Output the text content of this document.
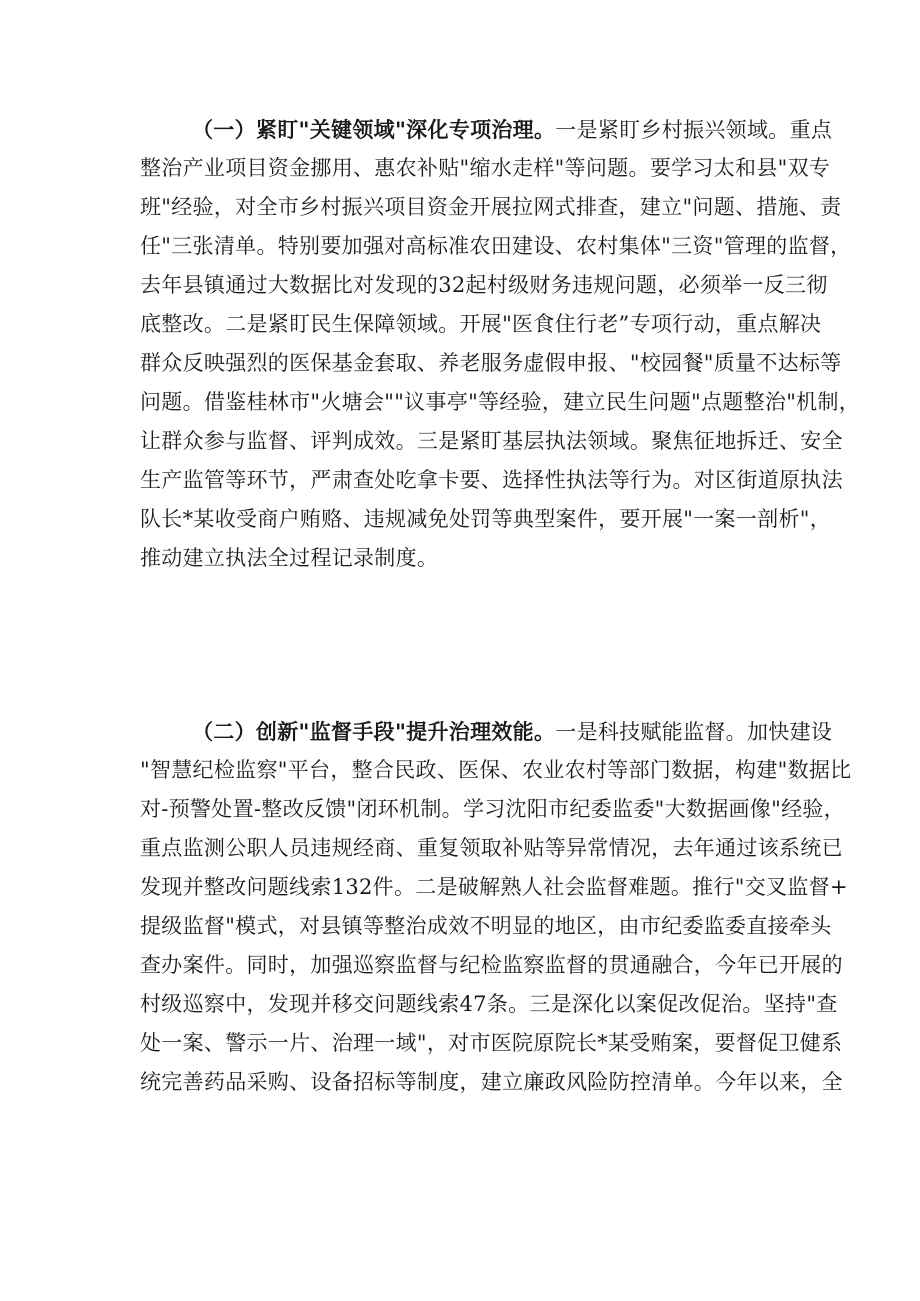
（一）紧盯"关键领域"深化专项治理。一是紧盯乡村振兴领域。重点
整治产业项目资金挪用、惠农补贴"缩水走样"等问题。要学习太和县"双专
班"经验，对全市乡村振兴项目资金开展拉网式排查，建立"问题、措施、责
任"三张清单。特别要加强对高标准农田建设、农村集体"三资"管理的监督，
去年县镇通过大数据比对发现的32起村级财务违规问题，必须举一反三彻
底整改。二是紧盯民生保障领域。开展"医食住行老”专项行动，重点解决
群众反映强烈的医保基金套取、养老服务虚假申报、"校园餐"质量不达标等
问题。借鉴桂林市"火塘会""议事亭"等经验，建立民生问题"点题整治"机制，
让群众参与监督、评判成效。三是紧盯基层执法领域。聚焦征地拆迁、安全
生产监管等环节，严肃查处吃拿卡要、选择性执法等行为。对区街道原执法
队长*某收受商户贿赂、违规减免处罚等典型案件，要开展"一案一剖析"，
推动建立执法全过程记录制度。
（二）创新"监督手段"提升治理效能。一是科技赋能监督。加快建设
"智慧纪检监察"平台，整合民政、医保、农业农村等部门数据，构建"数据比
对-预警处置-整改反馈"闭环机制。学习沈阳市纪委监委"大数据画像"经验，
重点监测公职人员违规经商、重复领取补贴等异常情况，去年通过该系统已
发现并整改问题线索132件。二是破解熟人社会监督难题。推行"交叉监督+
提级监督"模式，对县镇等整治成效不明显的地区，由市纪委监委直接牵头
查办案件。同时，加强巡察监督与纪检监察监督的贯通融合，今年已开展的
村级巡察中，发现并移交问题线索47条。三是深化以案促改促治。坚持"查
处一案、警示一片、治理一域"，对市医院原院长*某受贿案，要督促卫健系
统完善药品采购、设备招标等制度，建立廉政风险防控清单。今年以来，全
